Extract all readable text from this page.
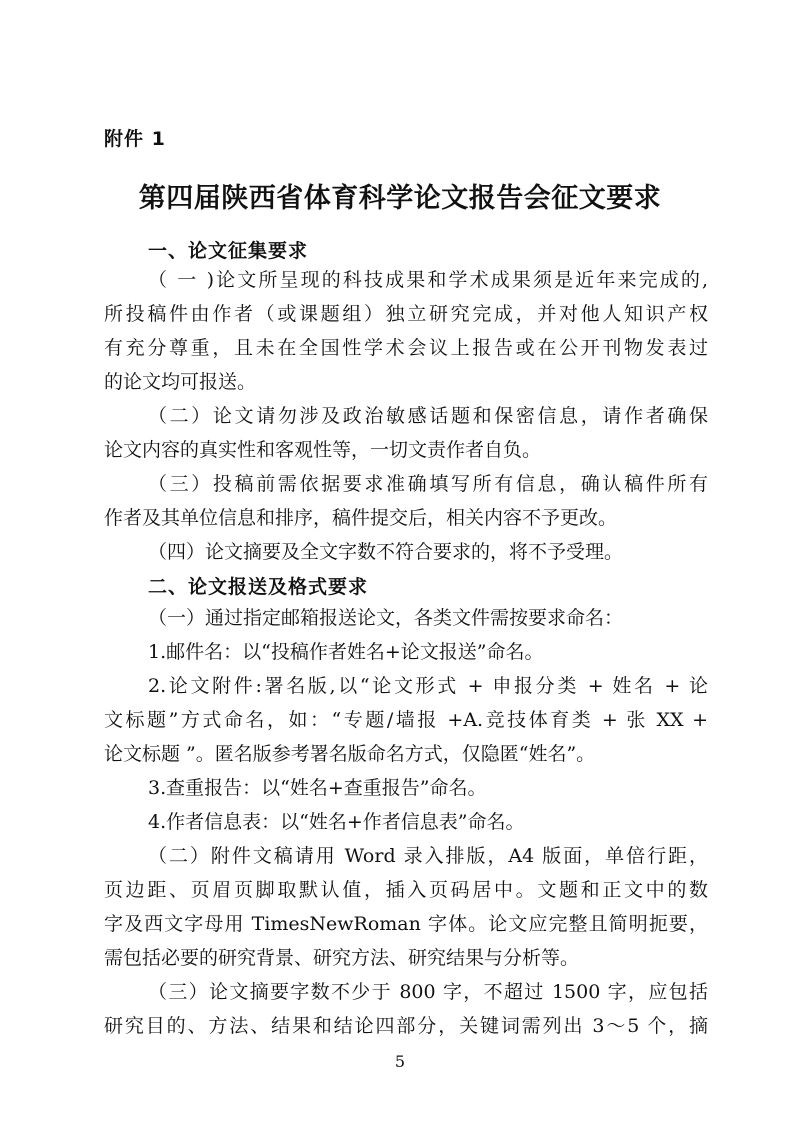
附件 1
第四届陕西省体育科学论文报告会征文要求
一、论文征集要求
（ 一 )论文所呈现的科技成果和学术成果须是近年来完成的,
所投稿件由作者（或课题组）独立研究完成，并对他人知识产权
有充分尊重，且未在全国性学术会议上报告或在公开刊物发表过
的论文均可报送。
（二）论文请勿涉及政治敏感话题和保密信息，请作者确保
论文内容的真实性和客观性等，一切文责作者自负。
（三）投稿前需依据要求准确填写所有信息，确认稿件所有
作者及其单位信息和排序，稿件提交后，相关内容不予更改。
（四）论文摘要及全文字数不符合要求的，将不予受理。
二、论文报送及格式要求
（一）通过指定邮箱报送论文，各类文件需按要求命名：
1.邮件名：以“投稿作者姓名+论文报送”命名。
2.论文附件:署名版,以“论文形式 + 申报分类 + 姓名 + 论
文标题”方式命名，如：“专题/墙报 +A.竞技体育类 + 张 XX +
论文标题 ”。匿名版参考署名版命名方式，仅隐匿“姓名”。
3.查重报告：以“姓名+查重报告”命名。
4.作者信息表：以“姓名+作者信息表”命名。
（二）附件文稿请用 Word 录入排版，A4 版面，单倍行距，
页边距、页眉页脚取默认值，插入页码居中。文题和正文中的数
字及西文字母用 TimesNewRoman 字体。论文应完整且简明扼要，
需包括必要的研究背景、研究方法、研究结果与分析等。
（三）论文摘要字数不少于 800 字，不超过 1500 字，应包括
研究目的、方法、结果和结论四部分，关键词需列出 3～5 个，摘
5
